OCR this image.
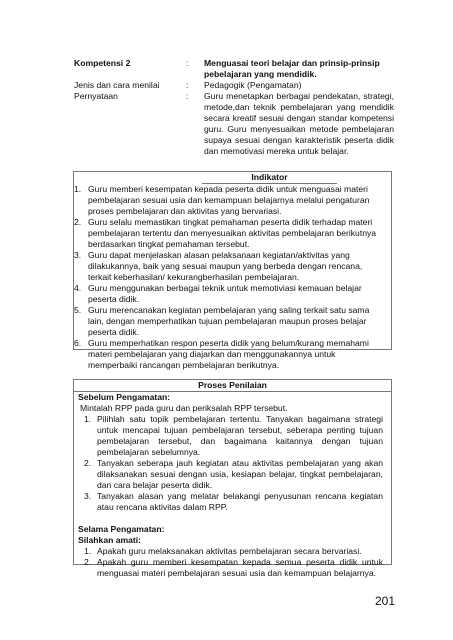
Kompetensi 2	:	Menguasai teori belajar dan prinsip-prinsip pebelajaran yang mendidik.
Jenis dan cara menilai	:	Pedagogik (Pengamatan)
Pernyataan	:	Guru menetapkan berbagai pendekatan, strategi, metode,dan teknik pembelajaran yang mendidik secara kreatif sesuai dengan standar kompetensi guru. Guru menyesuaikan metode pembelajaran supaya sesuai dengan karakteristik peserta didik dan memotivasi mereka untuk belajar.
Indikator
1. Guru memberi kesempatan kepada peserta didik untuk menguasai materi pembelajaran sesuai usia dan kemampuan belajarnya melalui pengaturan proses pembelajaran dan aktivitas yang bervariasi.
2. Guru selalu memastikan tingkat pemahaman peserta didik terhadap materi pembelajaran tertentu dan menyesuaikan aktivitas pembelajaran berikutnya berdasarkan tingkat pemahaman tersebut.
3. Guru dapat menjelaskan alasan pelaksanaan kegiatan/aktivitas yang dilakukannya, baik yang sesuai maupun yang berbeda dengan rencana, terkait keberhasilan/ kekurangberhasilan pembelajaran.
4. Guru menggunakan berbagai teknik untuk memotiviasi kemauan belajar peserta didik.
5. Guru merencanakan kegiatan pembelajaran yang saling terkait satu sama lain, dengan memperhatikan tujuan pembelajaran maupun proses belajar peserta didik.
6. Guru memperhatikan respon peserta didik yang belum/kurang memahami materi pembelajaran yang diajarkan dan menggunakannya untuk memperbaiki rancangan pembelajaran berikutnya.
Proses Penilaian
Sebelum Pengamatan:
Mintalah RPP pada guru dan periksalah RPP tersebut.
1. Pilihlah satu topik pembelajaran tertentu. Tanyakan bagaimana strategi untuk mencapai tujuan pembelajaran tersebut, seberapa penting tujuan pembelajaran tersebut, dan bagaimana kaitannya dengan tujuan pembelajaran sebelumnya.
2. Tanyakan seberapa jauh kegiatan atau aktivitas pembelajaran yang akan dilaksanakan sesuai dengan usia, kesiapan belajar, tingkat pembelajaran, dan cara belajar peserta didik.
3. Tanyakan alasan yang melatar belakangi penyusunan rencana kegiatan atau rencana aktivitas dalam RPP.
Selama Pengamatan:
Silahkan amati:
1. Apakah guru melaksanakan aktivitas pembelajaran secara bervariasi.
2. Apakah guru memberi kesempatan kepada semua peserta didik untuk menguasai materi pembelajaran sesuai usia dan kemampuan belajarnya.
201
